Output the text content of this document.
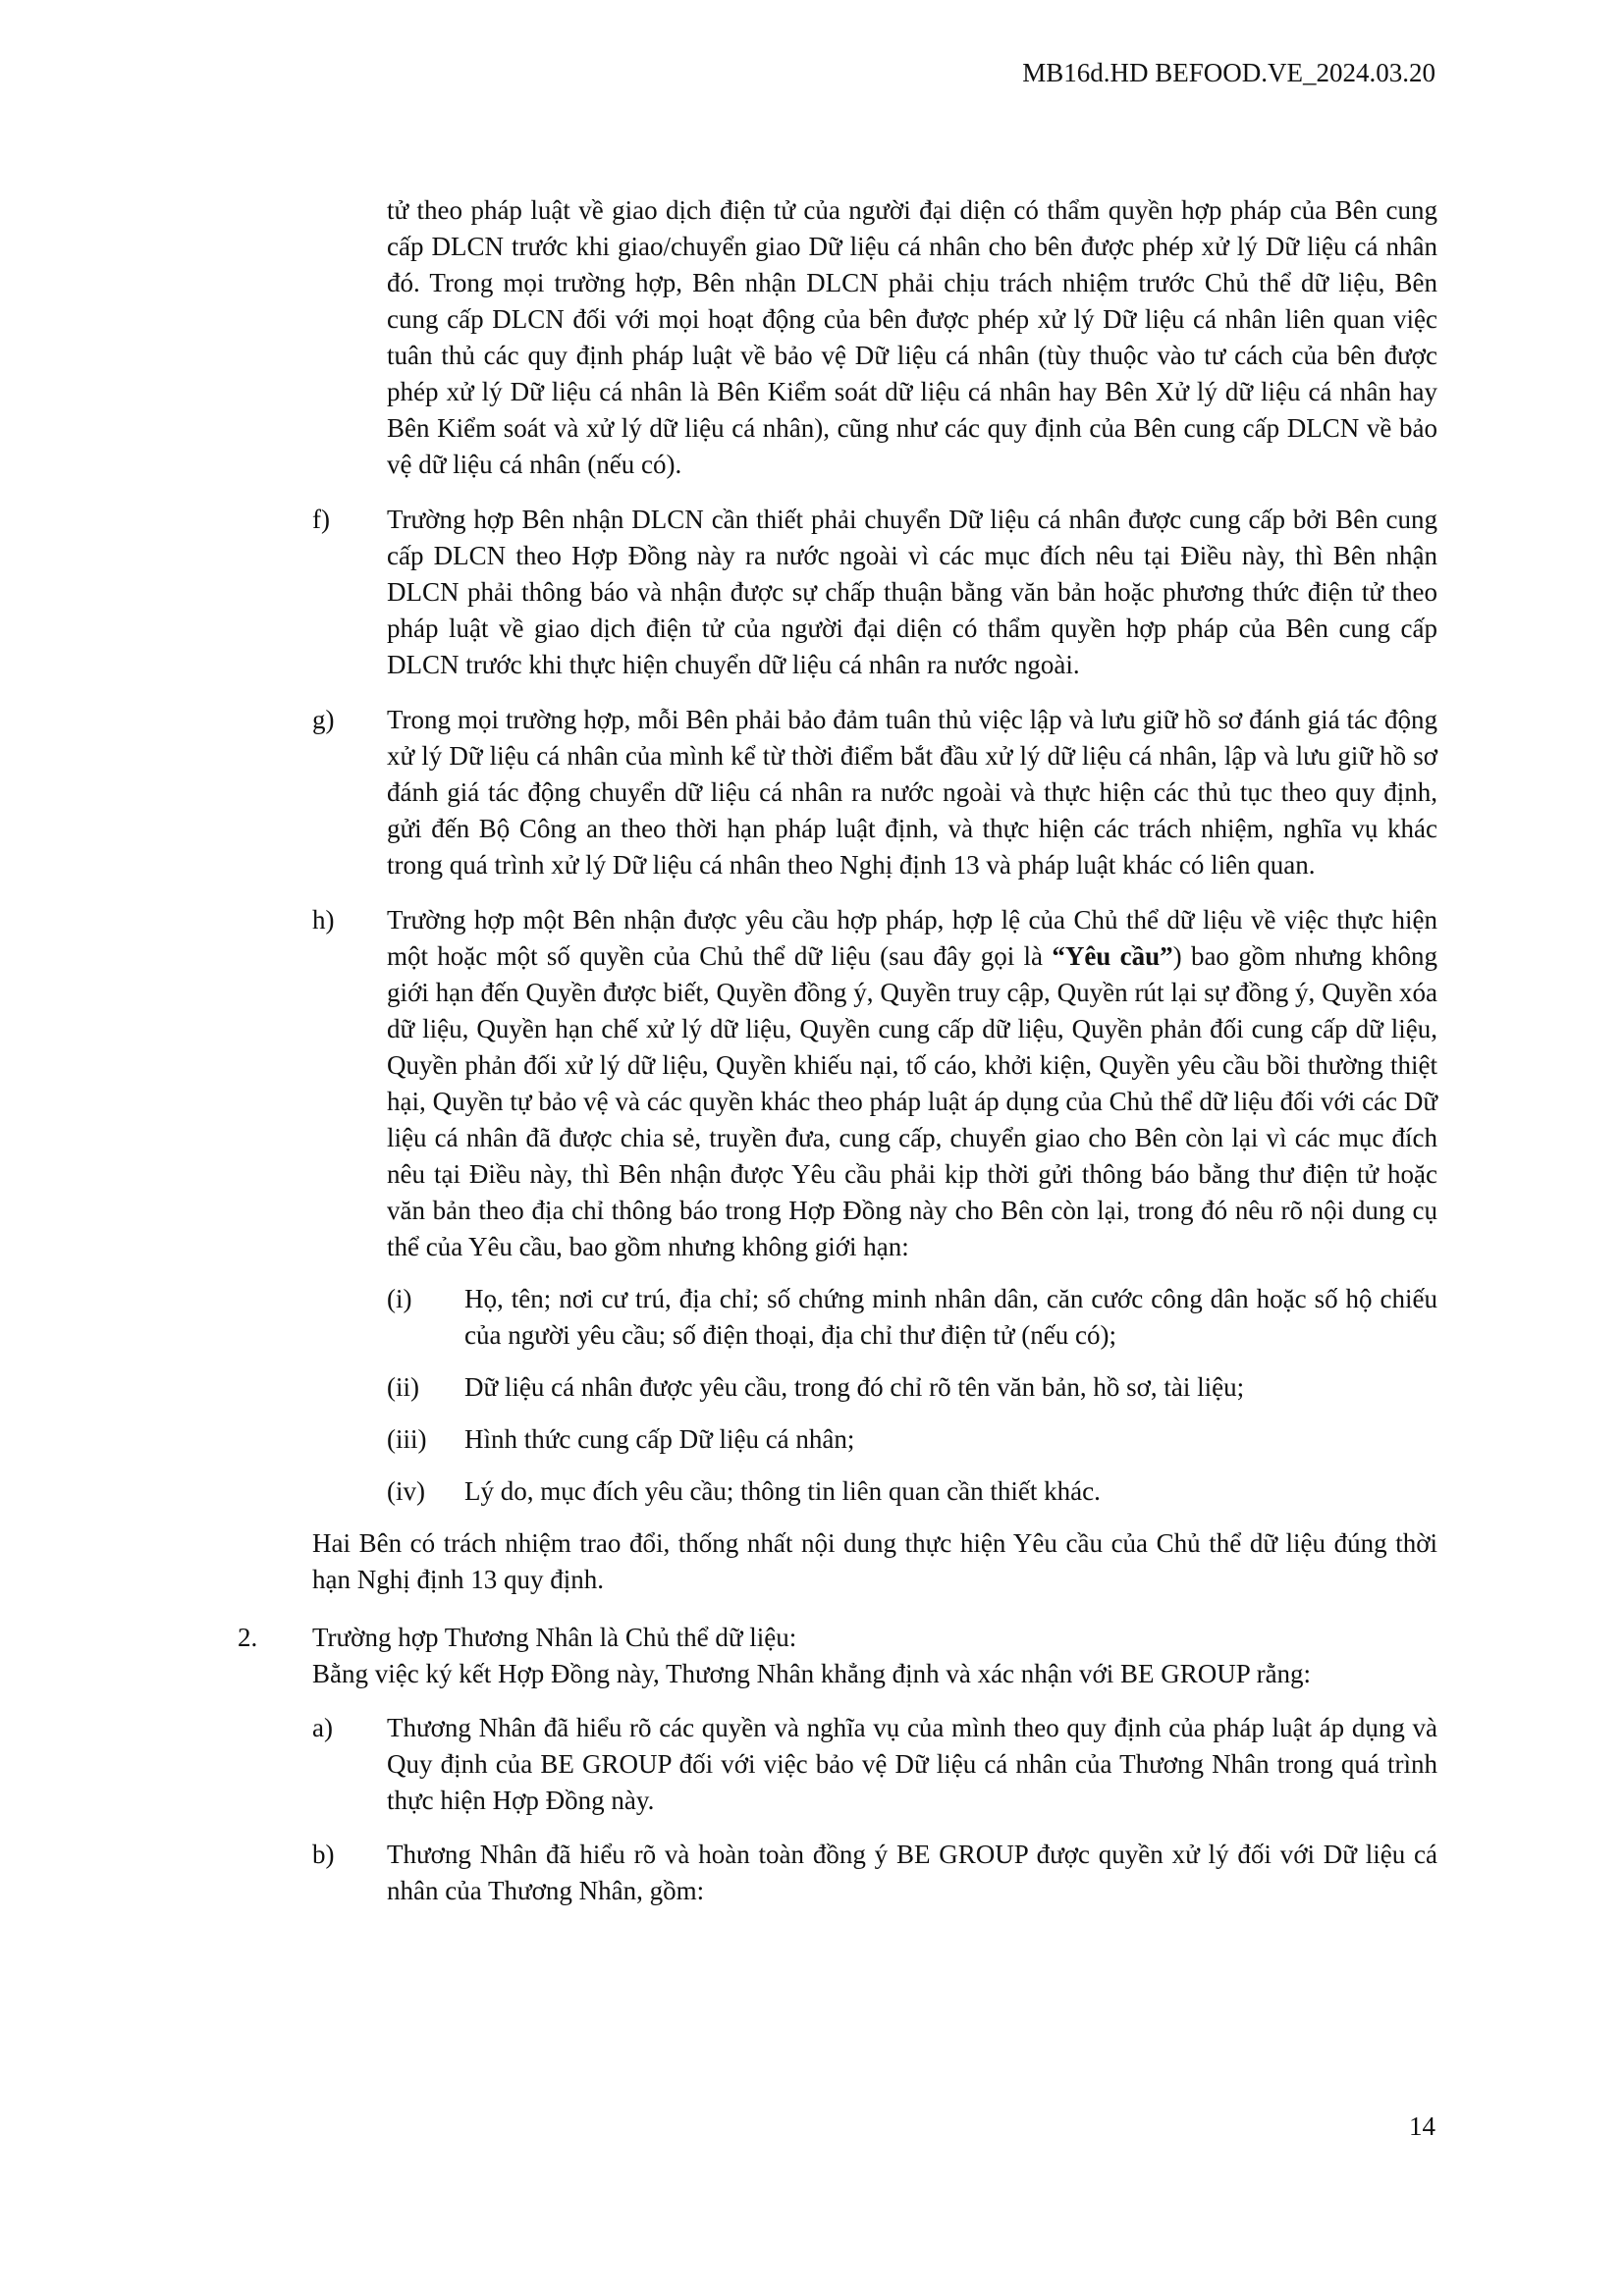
MB16d.HD BEFOOD.VE_2024.03.20

tử theo pháp luật về giao dịch điện tử của người đại diện có thẩm quyền hợp pháp của Bên cung cấp DLCN trước khi giao/chuyển giao Dữ liệu cá nhân cho bên được phép xử lý Dữ liệu cá nhân đó. Trong mọi trường hợp, Bên nhận DLCN phải chịu trách nhiệm trước Chủ thể dữ liệu, Bên cung cấp DLCN đối với mọi hoạt động của bên được phép xử lý Dữ liệu cá nhân liên quan việc tuân thủ các quy định pháp luật về bảo vệ Dữ liệu cá nhân (tùy thuộc vào tư cách của bên được phép xử lý Dữ liệu cá nhân là Bên Kiểm soát dữ liệu cá nhân hay Bên Xử lý dữ liệu cá nhân hay Bên Kiểm soát và xử lý dữ liệu cá nhân), cũng như các quy định của Bên cung cấp DLCN về bảo vệ dữ liệu cá nhân (nếu có).

f) Trường hợp Bên nhận DLCN cần thiết phải chuyển Dữ liệu cá nhân được cung cấp bởi Bên cung cấp DLCN theo Hợp Đồng này ra nước ngoài vì các mục đích nêu tại Điều này, thì Bên nhận DLCN phải thông báo và nhận được sự chấp thuận bằng văn bản hoặc phương thức điện tử theo pháp luật về giao dịch điện tử của người đại diện có thẩm quyền hợp pháp của Bên cung cấp DLCN trước khi thực hiện chuyển dữ liệu cá nhân ra nước ngoài.

g) Trong mọi trường hợp, mỗi Bên phải bảo đảm tuân thủ việc lập và lưu giữ hồ sơ đánh giá tác động xử lý Dữ liệu cá nhân của mình kể từ thời điểm bắt đầu xử lý dữ liệu cá nhân, lập và lưu giữ hồ sơ đánh giá tác động chuyển dữ liệu cá nhân ra nước ngoài và thực hiện các thủ tục theo quy định, gửi đến Bộ Công an theo thời hạn pháp luật định, và thực hiện các trách nhiệm, nghĩa vụ khác trong quá trình xử lý Dữ liệu cá nhân theo Nghị định 13 và pháp luật khác có liên quan.

h) Trường hợp một Bên nhận được yêu cầu hợp pháp, hợp lệ của Chủ thể dữ liệu về việc thực hiện một hoặc một số quyền của Chủ thể dữ liệu (sau đây gọi là “Yêu cầu”) bao gồm nhưng không giới hạn đến Quyền được biết, Quyền đồng ý, Quyền truy cập, Quyền rút lại sự đồng ý, Quyền xóa dữ liệu, Quyền hạn chế xử lý dữ liệu, Quyền cung cấp dữ liệu, Quyền phản đối cung cấp dữ liệu, Quyền phản đối xử lý dữ liệu, Quyền khiếu nại, tố cáo, khởi kiện, Quyền yêu cầu bồi thường thiệt hại, Quyền tự bảo vệ và các quyền khác theo pháp luật áp dụng của Chủ thể dữ liệu đối với các Dữ liệu cá nhân đã được chia sẻ, truyền đưa, cung cấp, chuyển giao cho Bên còn lại vì các mục đích nêu tại Điều này, thì Bên nhận được Yêu cầu phải kịp thời gửi thông báo bằng thư điện tử hoặc văn bản theo địa chỉ thông báo trong Hợp Đồng này cho Bên còn lại, trong đó nêu rõ nội dung cụ thể của Yêu cầu, bao gồm nhưng không giới hạn:

(i) Họ, tên; nơi cư trú, địa chỉ; số chứng minh nhân dân, căn cước công dân hoặc số hộ chiếu của người yêu cầu; số điện thoại, địa chỉ thư điện tử (nếu có);

(ii) Dữ liệu cá nhân được yêu cầu, trong đó chỉ rõ tên văn bản, hồ sơ, tài liệu;

(iii) Hình thức cung cấp Dữ liệu cá nhân;

(iv) Lý do, mục đích yêu cầu; thông tin liên quan cần thiết khác.

Hai Bên có trách nhiệm trao đổi, thống nhất nội dung thực hiện Yêu cầu của Chủ thể dữ liệu đúng thời hạn Nghị định 13 quy định.

2. Trường hợp Thương Nhân là Chủ thể dữ liệu:

Bằng việc ký kết Hợp Đồng này, Thương Nhân khẳng định và xác nhận với BE GROUP rằng:

a) Thương Nhân đã hiểu rõ các quyền và nghĩa vụ của mình theo quy định của pháp luật áp dụng và Quy định của BE GROUP đối với việc bảo vệ Dữ liệu cá nhân của Thương Nhân trong quá trình thực hiện Hợp Đồng này.

b) Thương Nhân đã hiểu rõ và hoàn toàn đồng ý BE GROUP được quyền xử lý đối với Dữ liệu cá nhân của Thương Nhân, gồm:

14
